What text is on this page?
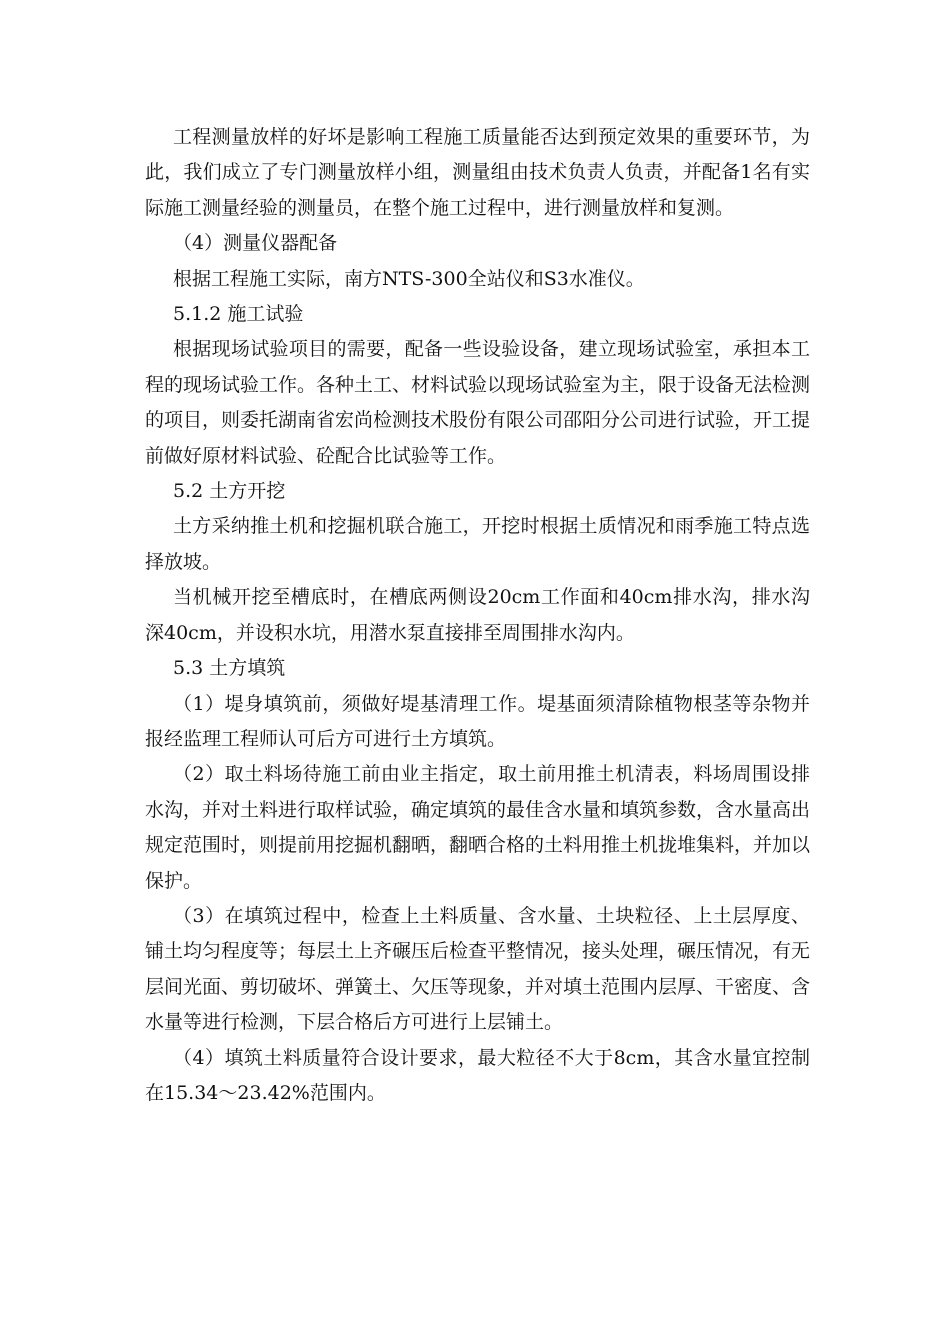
工程测量放样的好坏是影响工程施工质量能否达到预定效果的重要环节，为此，我们成立了专门测量放样小组，测量组由技术负责人负责，并配备1名有实际施工测量经验的测量员，在整个施工过程中，进行测量放样和复测。

（4）测量仪器配备

根据工程施工实际，南方NTS-300全站仪和S3水准仪。

5.1.2 施工试验

根据现场试验项目的需要，配备一些设验设备，建立现场试验室，承担本工程的现场试验工作。各种土工、材料试验以现场试验室为主，限于设备无法检测的项目，则委托湖南省宏尚检测技术股份有限公司邵阳分公司进行试验，开工提前做好原材料试验、砼配合比试验等工作。

5.2 土方开挖

土方采纳推土机和挖掘机联合施工，开挖时根据土质情况和雨季施工特点选择放坡。

当机械开挖至槽底时，在槽底两侧设20cm工作面和40cm排水沟，排水沟深40cm，并设积水坑，用潜水泵直接排至周围排水沟内。

5.3 土方填筑

（1）堤身填筑前，须做好堤基清理工作。堤基面须清除植物根茎等杂物并报经监理工程师认可后方可进行土方填筑。

（2）取土料场待施工前由业主指定，取土前用推土机清表，料场周围设排水沟，并对土料进行取样试验，确定填筑的最佳含水量和填筑参数，含水量高出规定范围时，则提前用挖掘机翻晒，翻晒合格的土料用推土机拢堆集料，并加以保护。

（3）在填筑过程中，检查上土料质量、含水量、土块粒径、上土层厚度、铺土均匀程度等；每层土上齐碾压后检查平整情况，接头处理，碾压情况，有无层间光面、剪切破坏、弹簧土、欠压等现象，并对填土范围内层厚、干密度、含水量等进行检测，下层合格后方可进行上层铺土。

（4）填筑土料质量符合设计要求，最大粒径不大于8cm，其含水量宜控制在15.34～23.42%范围内。
